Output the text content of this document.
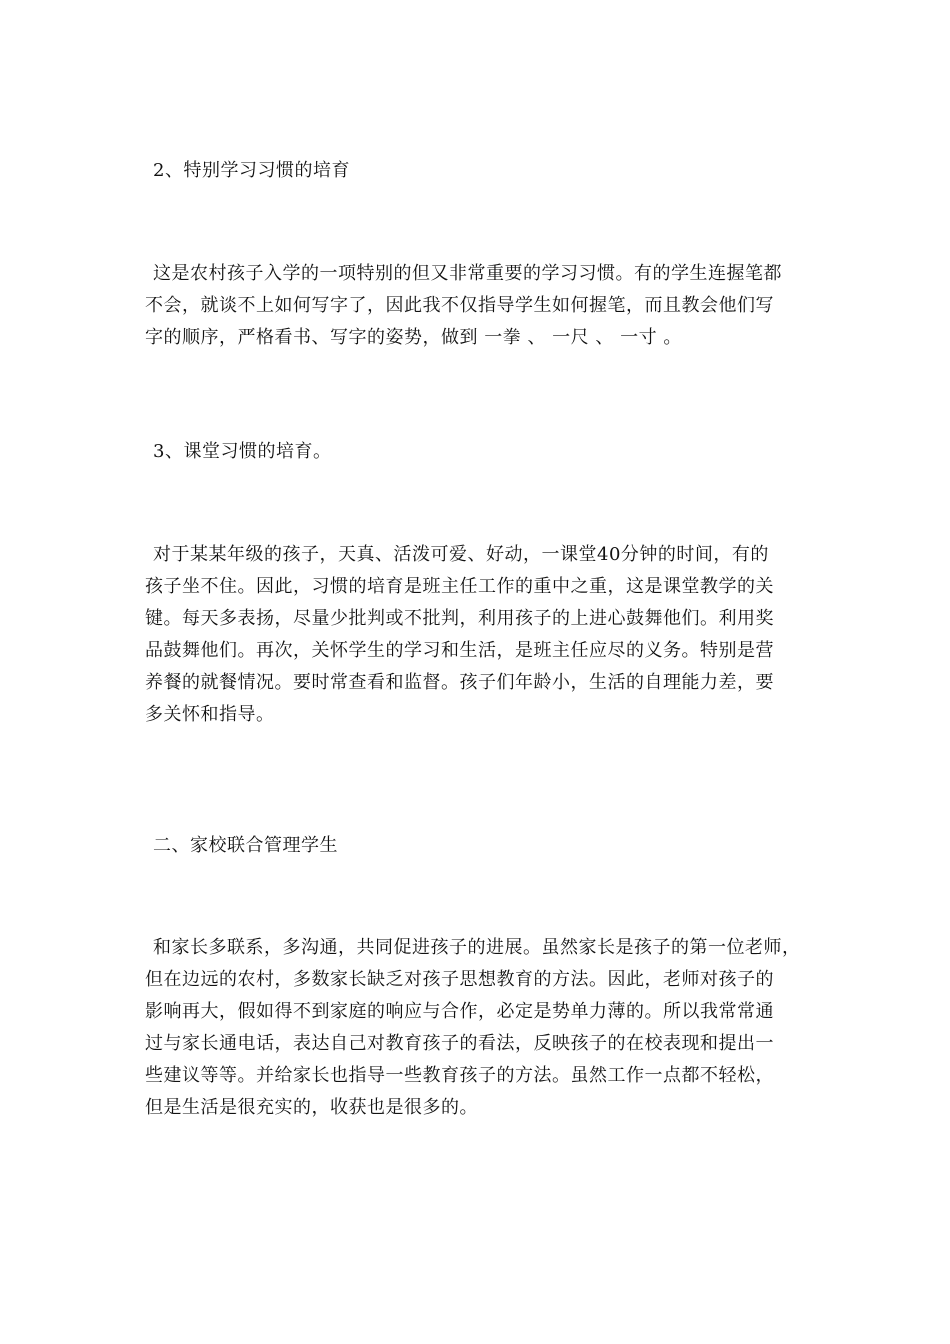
2、特别学习习惯的培育

这是农村孩子入学的一项特别的但又非常重要的学习习惯。有的学生连握笔都
不会，就谈不上如何写字了，因此我不仅指导学生如何握笔，而且教会他们写
字的顺序，严格看书、写字的姿势，做到 一拳 、 一尺 、 一寸 。

3、课堂习惯的培育。

对于某某年级的孩子，天真、活泼可爱、好动，一课堂40分钟的时间，有的
孩子坐不住。因此，习惯的培育是班主任工作的重中之重，这是课堂教学的关
键。每天多表扬，尽量少批判或不批判，利用孩子的上进心鼓舞他们。利用奖
品鼓舞他们。再次，关怀学生的学习和生活，是班主任应尽的义务。特别是营
养餐的就餐情况。要时常查看和监督。孩子们年龄小，生活的自理能力差，要
多关怀和指导。

二、家校联合管理学生

和家长多联系，多沟通，共同促进孩子的进展。虽然家长是孩子的第一位老师，
但在边远的农村，多数家长缺乏对孩子思想教育的方法。因此，老师对孩子的
影响再大，假如得不到家庭的响应与合作，必定是势单力薄的。所以我常常通
过与家长通电话，表达自己对教育孩子的看法，反映孩子的在校表现和提出一
些建议等等。并给家长也指导一些教育孩子的方法。虽然工作一点都不轻松，
但是生活是很充实的，收获也是很多的。
